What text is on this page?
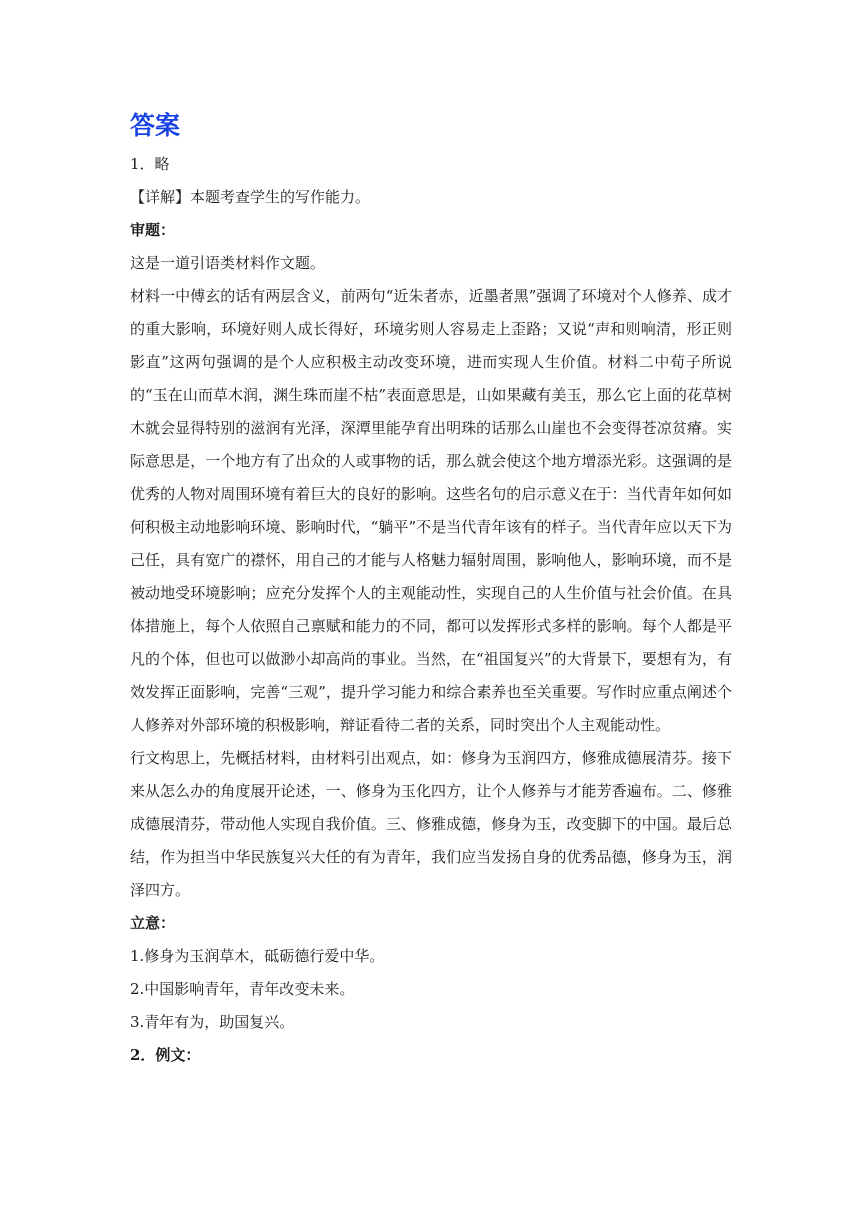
答案

1．略

【详解】本题考查学生的写作能力。

审题：

这是一道引语类材料作文题。

材料一中傅玄的话有两层含义，前两句“近朱者赤，近墨者黑”强调了环境对个人修养、成才的重大影响，环境好则人成长得好，环境劣则人容易走上歪路；又说“声和则响清，形正则影直”这两句强调的是个人应积极主动改变环境，进而实现人生价值。材料二中荀子所说的“玉在山而草木润，渊生珠而崖不枯”表面意思是，山如果藏有美玉，那么它上面的花草树木就会显得特别的滋润有光泽，深潭里能孕育出明珠的话那么山崖也不会变得苍凉贫瘠。实际意思是，一个地方有了出众的人或事物的话，那么就会使这个地方增添光彩。这强调的是优秀的人物对周围环境有着巨大的良好的影响。这些名句的启示意义在于：当代青年如何如何积极主动地影响环境、影响时代，“躺平”不是当代青年该有的样子。当代青年应以天下为己任，具有宽广的襟怀，用自己的才能与人格魅力辐射周围，影响他人，影响环境，而不是被动地受环境影响；应充分发挥个人的主观能动性，实现自己的人生价值与社会价值。在具体措施上，每个人依照自己禀赋和能力的不同，都可以发挥形式多样的影响。每个人都是平凡的个体，但也可以做渺小却高尚的事业。当然，在“祖国复兴”的大背景下，要想有为，有效发挥正面影响，完善“三观”，提升学习能力和综合素养也至关重要。写作时应重点阐述个人修养对外部环境的积极影响，辩证看待二者的关系，同时突出个人主观能动性。

行文构思上，先概括材料，由材料引出观点，如：修身为玉润四方，修雅成德展清芬。接下来从怎么办的角度展开论述，一、修身为玉化四方，让个人修养与才能芳香遍布。二、修雅成德展清芬，带动他人实现自我价值。三、修雅成德，修身为玉，改变脚下的中国。最后总结，作为担当中华民族复兴大任的有为青年，我们应当发扬自身的优秀品德，修身为玉，润泽四方。

立意：

1.修身为玉润草木，砥砺德行爱中华。

2.中国影响青年，青年改变未来。

3.青年有为，助国复兴。

2．例文：
